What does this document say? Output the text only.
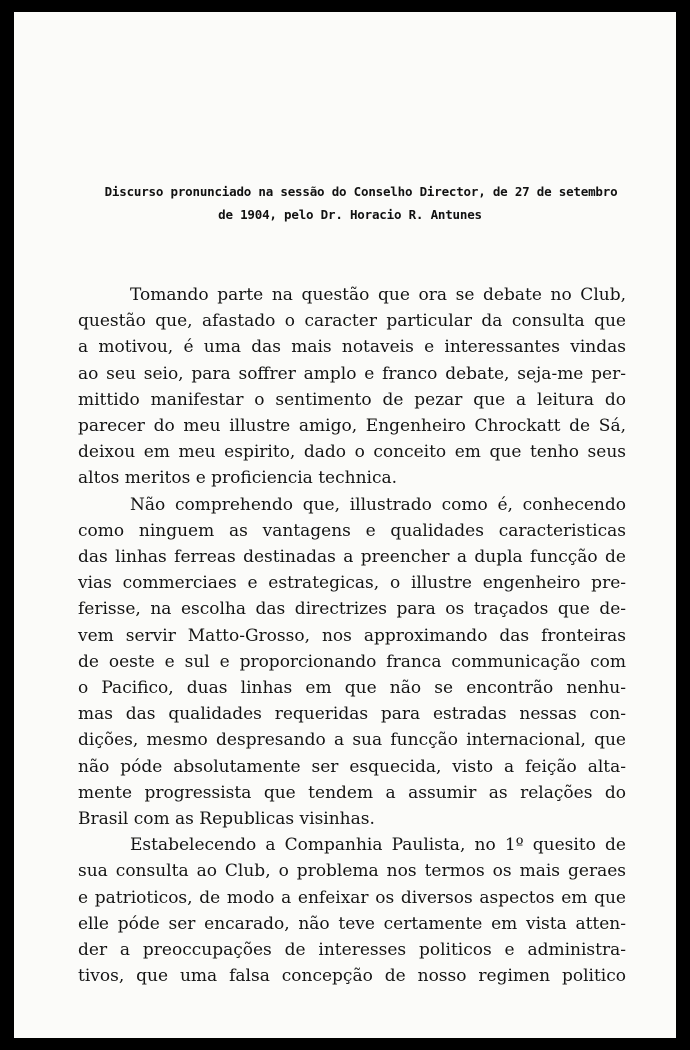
Discurso pronunciado na sessão do Conselho Director, de 27 de setembro
de 1904, pelo Dr. Horacio R. Antunes
Tomando parte na questão que ora se debate no Club,
questão que, afastado o caracter particular da consulta que
a motivou, é uma das mais notaveis e interessantes vindas
ao seu seio, para soffrer amplo e franco debate, seja-me per-
mittido manifestar o sentimento de pezar que a leitura do
parecer do meu illustre amigo, Engenheiro Chrockatt de Sá,
deixou em meu espirito, dado o conceito em que tenho seus
altos meritos e proficiencia technica.
Não comprehendo que, illustrado como é, conhecendo
como ninguem as vantagens e qualidades caracteristicas
das linhas ferreas destinadas a preencher a dupla funcção de
vias commerciaes e estrategicas, o illustre engenheiro pre-
ferisse, na escolha das directrizes para os traçados que de-
vem servir Matto-Grosso, nos approximando das fronteiras
de oeste e sul e proporcionando franca communicação com
o Pacifico, duas linhas em que não se encontrão nenhu-
mas das qualidades requeridas para estradas nessas con-
dições, mesmo despresando a sua funcção internacional, que
não póde absolutamente ser esquecida, visto a feição alta-
mente progressista que tendem a assumir as relações do
Brasil com as Republicas visinhas.
Estabelecendo a Companhia Paulista, no 1º quesito de
sua consulta ao Club, o problema nos termos os mais geraes
e patrioticos, de modo a enfeixar os diversos aspectos em que
elle póde ser encarado, não teve certamente em vista atten-
der a preoccupações de interesses politicos e administra-
tivos, que uma falsa concepção de nosso regimen politico
